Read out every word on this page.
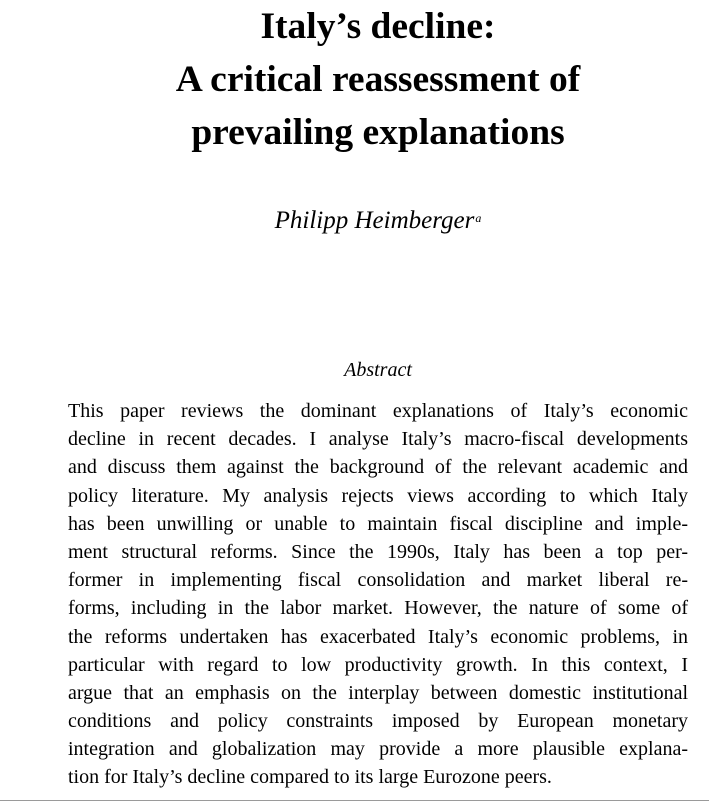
Italy’s decline:
A critical reassessment of
prevailing explanations
Philipp Heimberger$^a$
Abstract
This paper reviews the dominant explanations of Italy’s economic
decline in recent decades. I analyse Italy’s macro-fiscal developments
and discuss them against the background of the relevant academic and
policy literature. My analysis rejects views according to which Italy
has been unwilling or unable to maintain fiscal discipline and imple-
ment structural reforms. Since the 1990s, Italy has been a top per-
former in implementing fiscal consolidation and market liberal re-
forms, including in the labor market. However, the nature of some of
the reforms undertaken has exacerbated Italy’s economic problems, in
particular with regard to low productivity growth. In this context, I
argue that an emphasis on the interplay between domestic institutional
conditions and policy constraints imposed by European monetary
integration and globalization may provide a more plausible explana-
tion for Italy’s decline compared to its large Eurozone peers.
